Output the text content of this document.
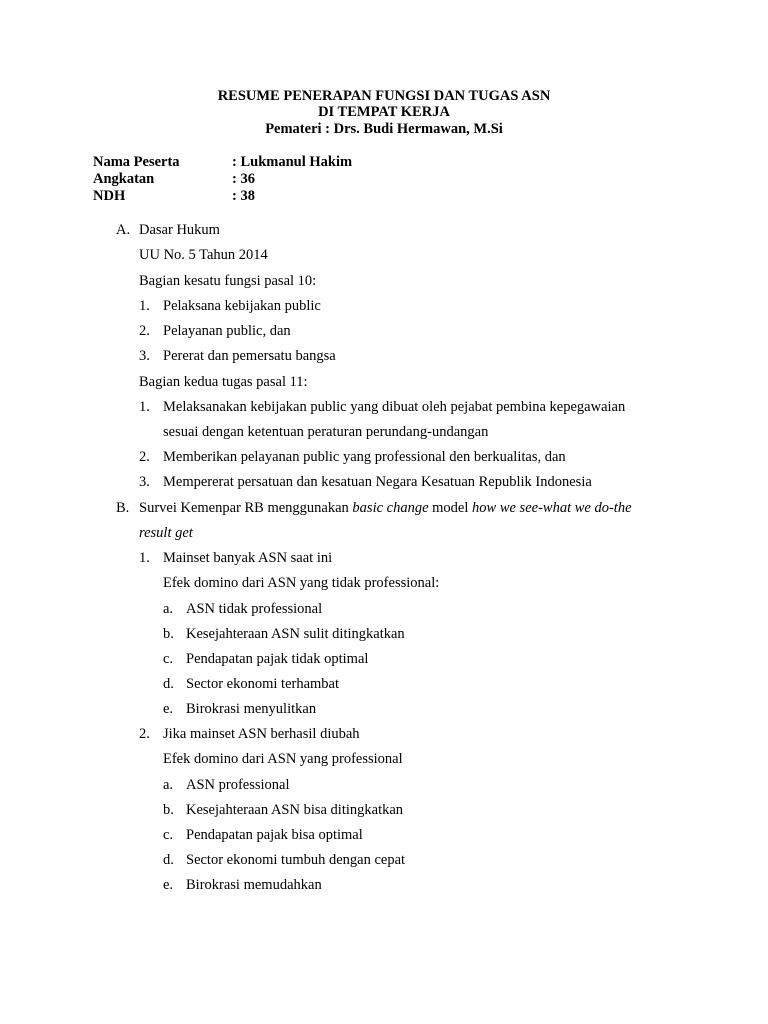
RESUME PENERAPAN FUNGSI DAN TUGAS ASN
DI TEMPAT KERJA
Pemateri : Drs. Budi Hermawan, M.Si
Nama Peserta	: Lukmanul Hakim
Angkatan	: 36
NDH	: 38
A. Dasar Hukum
UU No. 5 Tahun 2014
Bagian kesatu fungsi pasal 10:
1. Pelaksana kebijakan public
2. Pelayanan public, dan
3. Pererat dan pemersatu bangsa
Bagian kedua tugas pasal 11:
1. Melaksanakan kebijakan public yang dibuat oleh pejabat pembina kepegawaian
sesuai dengan ketentuan peraturan perundang-undangan
2. Memberikan pelayanan public yang professional den berkualitas, dan
3. Mempererat persatuan dan kesatuan Negara Kesatuan Republik Indonesia
B. Survei Kemenpar RB menggunakan basic change model how we see-what we do-the
result get
1. Mainset banyak ASN saat ini
Efek domino dari ASN yang tidak professional:
a. ASN tidak professional
b. Kesejahteraan ASN sulit ditingkatkan
c. Pendapatan pajak tidak optimal
d. Sector ekonomi terhambat
e. Birokrasi menyulitkan
2. Jika mainset ASN berhasil diubah
Efek domino dari ASN yang professional
a. ASN professional
b. Kesejahteraan ASN bisa ditingkatkan
c. Pendapatan pajak bisa optimal
d. Sector ekonomi tumbuh dengan cepat
e. Birokrasi memudahkan
